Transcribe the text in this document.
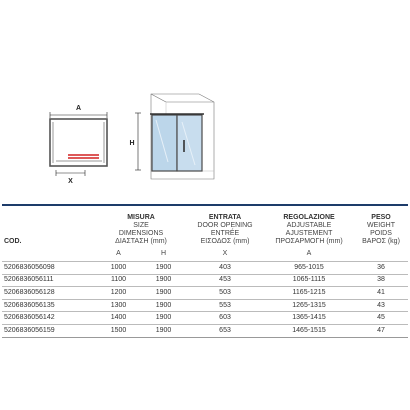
A
X
H
COD.	MISURA
SIZE
DIMENSIONS
ΔΙΑΣΤΑΣΗ (mm)		ENTRATA
DOOR OPENING
ENTRÉE
ΕΙΣΟΔΟΣ (mm)	REGOLAZIONE
ADJUSTABLE
AJUSTEMENT
ΠΡΟΣΑΡΜΟΓΗ (mm)	PESO
WEIGHT
POIDS
ΒΑΡΟΣ (kg)

	A	H	X	A	
5206836056098	1000	1900	403	965-1015	36
5206836056111	1100	1900	453	1065-1115	38
5206836056128	1200	1900	503	1165-1215	41
5206836056135	1300	1900	553	1265-1315	43
5206836056142	1400	1900	603	1365-1415	45
5206836056159	1500	1900	653	1465-1515	47
